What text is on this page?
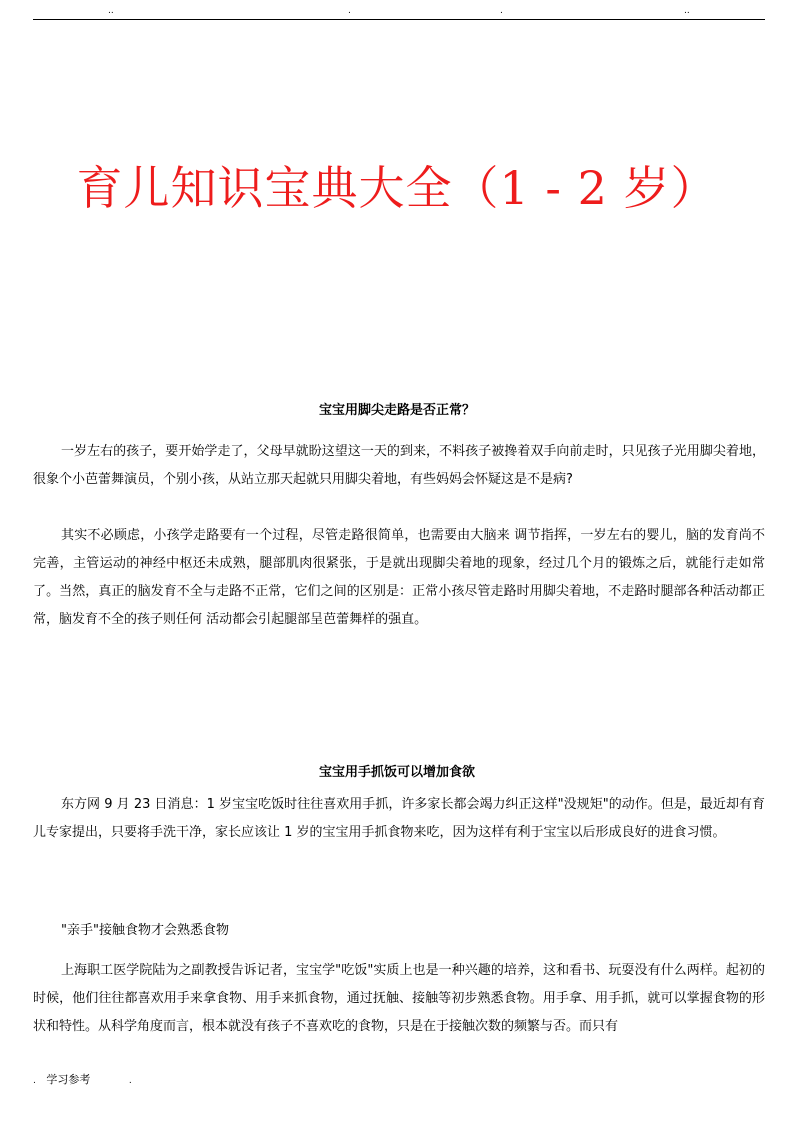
..	.	.	..
育儿知识宝典大全（1 - 2 岁）
宝宝用脚尖走路是否正常？

一岁左右的孩子，要开始学走了，父母早就盼这望这一天的到来，不料孩子被搀着双手向前走时，只见孩子光用脚尖着地，很象个小芭蕾舞演员，个别小孩，从站立那天起就只用脚尖着地，有些妈妈会怀疑这是不是病?

其实不必顾虑，小孩学走路要有一个过程，尽管走路很简单，也需要由大脑来 调节指挥，一岁左右的婴儿，脑的发育尚不完善，主管运动的神经中枢还未成熟，腿部肌肉很紧张，于是就出现脚尖着地的现象，经过几个月的锻炼之后，就能行走如常了。当然，真正的脑发育不全与走路不正常，它们之间的区别是：正常小孩尽管走路时用脚尖着地，不走路时腿部各种活动都正常，脑发育不全的孩子则任何 活动都会引起腿部呈芭蕾舞样的强直。

宝宝用手抓饭可以增加食欲

东方网 9 月 23 日消息：1 岁宝宝吃饭时往往喜欢用手抓，许多家长都会竭力纠正这样"没规矩"的动作。但是，最近却有育儿专家提出，只要将手洗干净，家长应该让 1 岁的宝宝用手抓食物来吃，因为这样有利于宝宝以后形成良好的进食习惯。

"亲手"接触食物才会熟悉食物

上海职工医学院陆为之副教授告诉记者，宝宝学"吃饭"实质上也是一种兴趣的培养，这和看书、玩耍没有什么两样。起初的时候，他们往往都喜欢用手来拿食物、用手来抓食物，通过抚触、接触等初步熟悉食物。用手拿、用手抓，就可以掌握食物的形状和特性。从科学角度而言，根本就没有孩子不喜欢吃的食物，只是在于接触次数的频繁与否。而只有

. 学习参考	.
